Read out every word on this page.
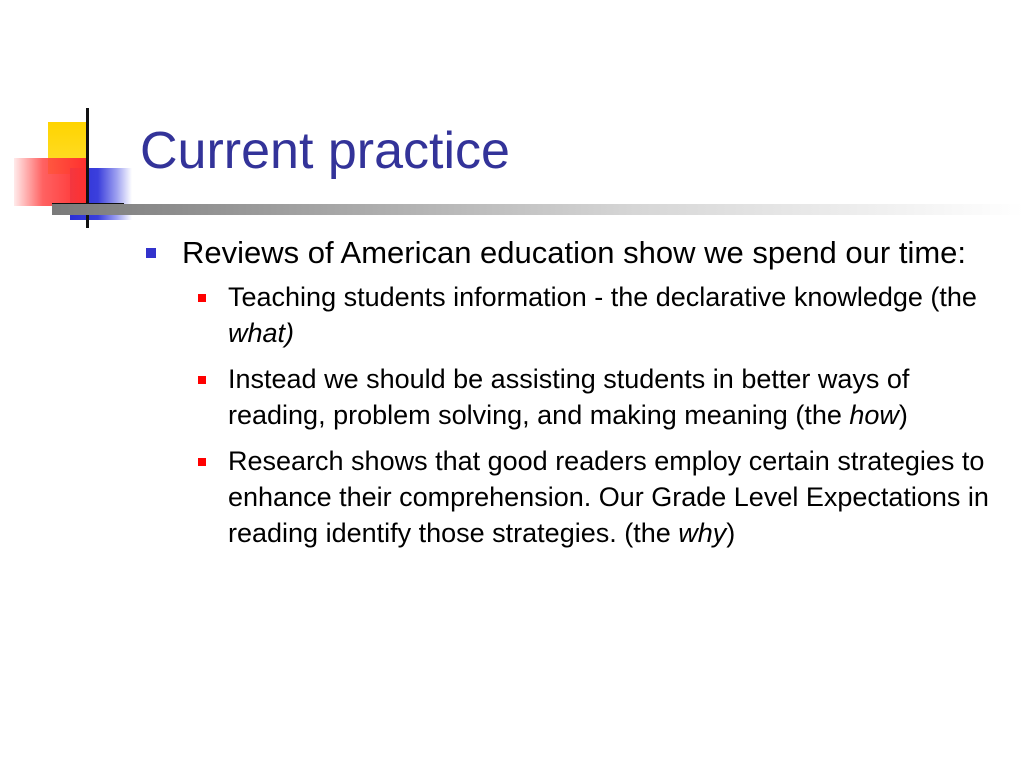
Current practice
Reviews of American education show we spend our time:
Teaching students information - the declarative knowledge (the what)
Instead we should be assisting students in better ways of reading, problem solving, and making meaning (the how)
Research shows that good readers employ certain strategies to enhance their comprehension. Our Grade Level Expectations in reading identify those strategies. (the why)
